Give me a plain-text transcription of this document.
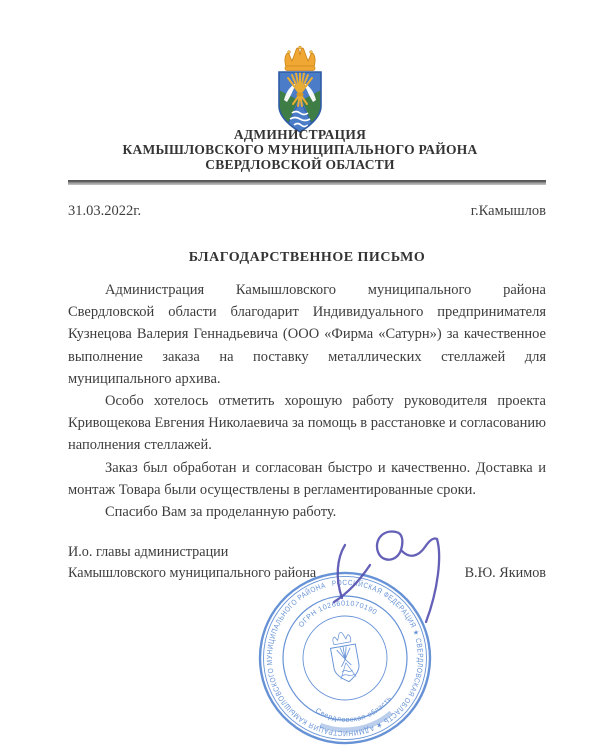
АДМИНИСТРАЦИЯ
КАМЫШЛОВСКОГО МУНИЦИПАЛЬНОГО РАЙОНА
СВЕРДЛОВСКОЙ ОБЛАСТИ
31.03.2022г.	г.Камышлов
БЛАГОДАРСТВЕННОЕ ПИСЬМО

Администрация Камышловского муниципального района Свердловской области благодарит Индивидуального предпринимателя Кузнецова Валерия Геннадьевича (ООО «Фирма «Сатурн») за качественное выполнение заказа на поставку металлических стеллажей для муниципального архива.

Особо хотелось отметить хорошую работу руководителя проекта Кривощекова Евгения Николаевича за помощь в расстановке и согласованию наполнения стеллажей.

Заказ был обработан и согласован быстро и качественно. Доставка и монтаж Товара были осуществлены в регламентированные сроки.

Спасибо Вам за проделанную работу.

И.о. главы администрации
Камышловского муниципального района	В.Ю. Якимов
РОССИЙСКАЯ ФЕДЕРАЦИЯ ★ СВЕРДЛОВСКАЯ ОБЛАСТЬ ★ АДМИНИСТРАЦИЯ КАМЫШЛОВСКОГО МУНИЦИПАЛЬНОГО РАЙОНА
ОГРН 1026601070190
Свердловская область
